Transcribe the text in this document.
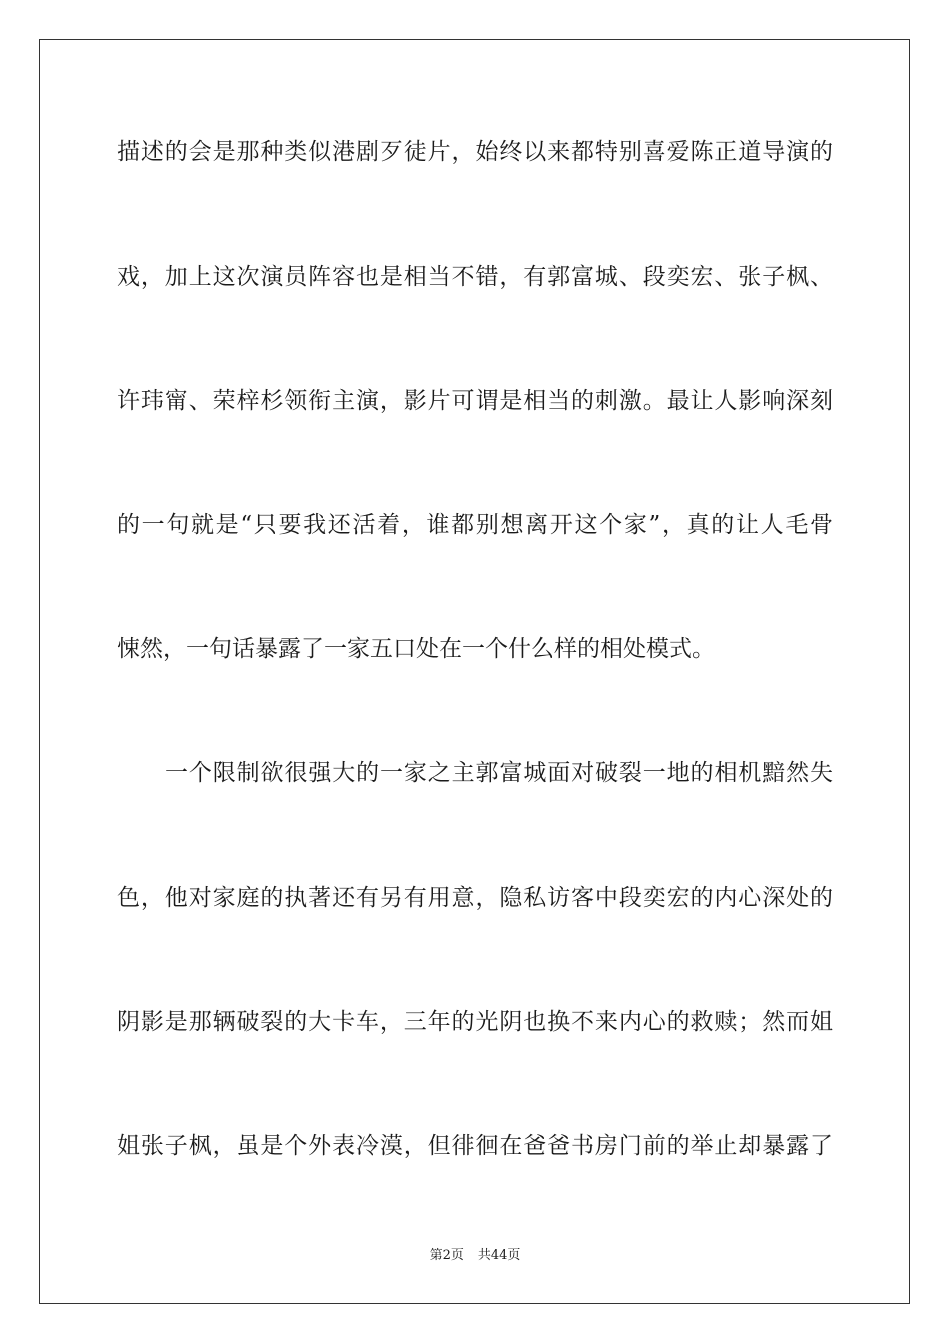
描述的会是那种类似港剧歹徒片，始终以来都特别喜爱陈正道导演的
戏，加上这次演员阵容也是相当不错，有郭富城、段奕宏、张子枫、
许玮甯、荣梓杉领衔主演，影片可谓是相当的刺激。最让人影响深刻
的一句就是“只要我还活着，谁都别想离开这个家”，真的让人毛骨
悚然，一句话暴露了一家五口处在一个什么样的相处模式。
一个限制欲很强大的一家之主郭富城面对破裂一地的相机黯然失
色，他对家庭的执著还有另有用意，隐私访客中段奕宏的内心深处的
阴影是那辆破裂的大卡车，三年的光阴也换不来内心的救赎；然而姐
姐张子枫，虽是个外表冷漠，但徘徊在爸爸书房门前的举止却暴露了
第2页 共44页
